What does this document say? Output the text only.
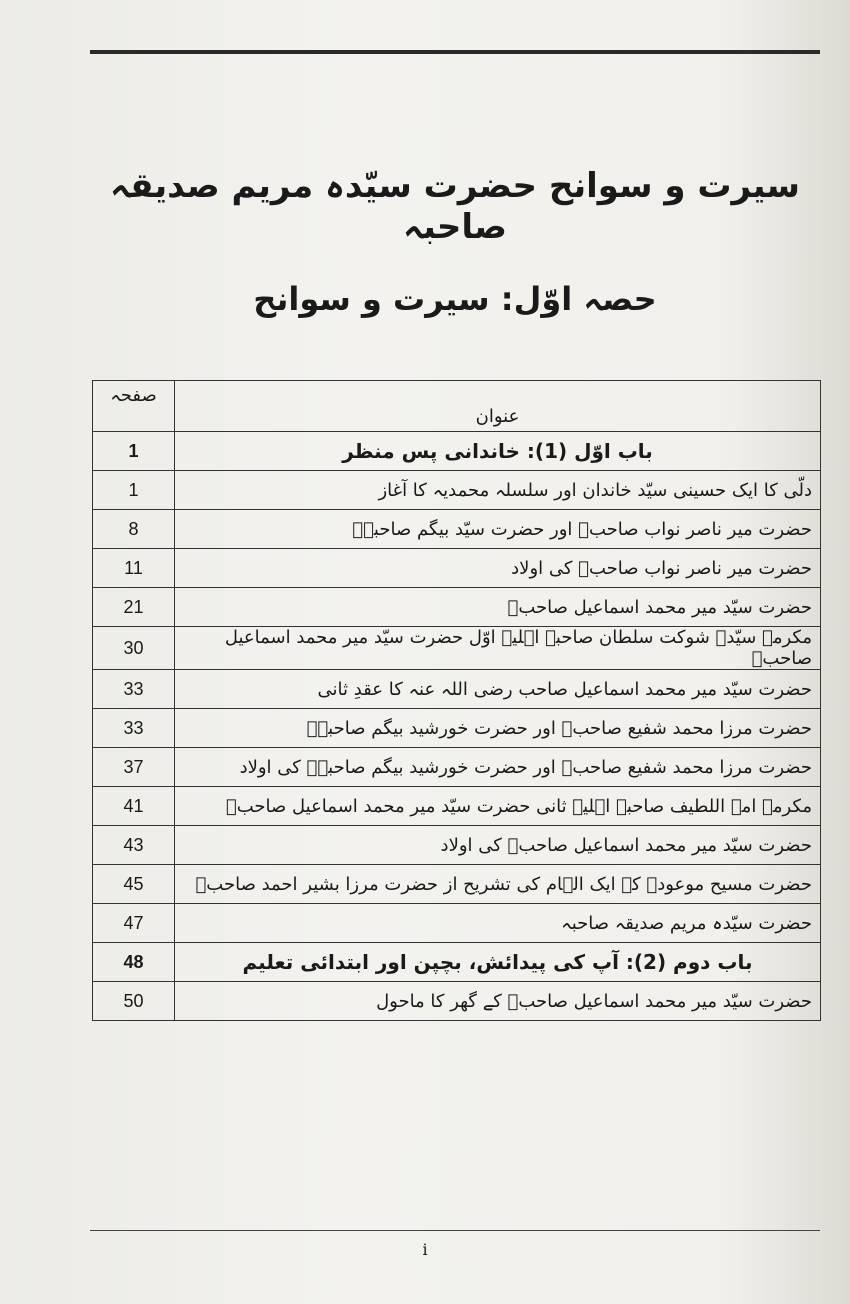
سیرت و سوانح حضرت سیّدہ مریم صدیقہ صاحبہ
حصہ اوّل: سیرت و سوانح
عنوان	صفحہ
باب اوّل (1): خاندانی پس منظر	1
دلّی کا ایک حسینی سیّد خاندان اور سلسلہ محمدیہ کا آغاز	1
حضرت میر ناصر نواب صاحبؓ اور حضرت سیّد بیگم صاحبہؓ	8
حضرت میر ناصر نواب صاحبؓ کی اولاد	11
حضرت سیّد میر محمد اسماعیل صاحبؓ	21
مکرمہ سیّدہ شوکت سلطان صاحبہ اہلیہ اوّل حضرت سیّد میر محمد اسماعیل صاحبؓ	30
حضرت سیّد میر محمد اسماعیل صاحب رضی اللہ عنہ کا عقدِ ثانی	33
حضرت مرزا محمد شفیع صاحبؓ اور حضرت خورشید بیگم صاحبہؓ	33
حضرت مرزا محمد شفیع صاحبؓ اور حضرت خورشید بیگم صاحبہؓ کی اولاد	37
مکرمہ امۃ اللطیف صاحبہ اہلیہ ثانی حضرت سیّد میر محمد اسماعیل صاحبؓ	41
حضرت سیّد میر محمد اسماعیل صاحبؓ کی اولاد	43
حضرت مسیح موعودؑ کے ایک الہام کی تشریح از حضرت مرزا بشیر احمد صاحبؓ	45
حضرت سیّدہ مریم صدیقہ صاحبہ	47
باب دوم (2): آپ کی پیدائش، بچپن اور ابتدائی تعلیم	48
حضرت سیّد میر محمد اسماعیل صاحبؓ کے گھر کا ماحول	50
i
